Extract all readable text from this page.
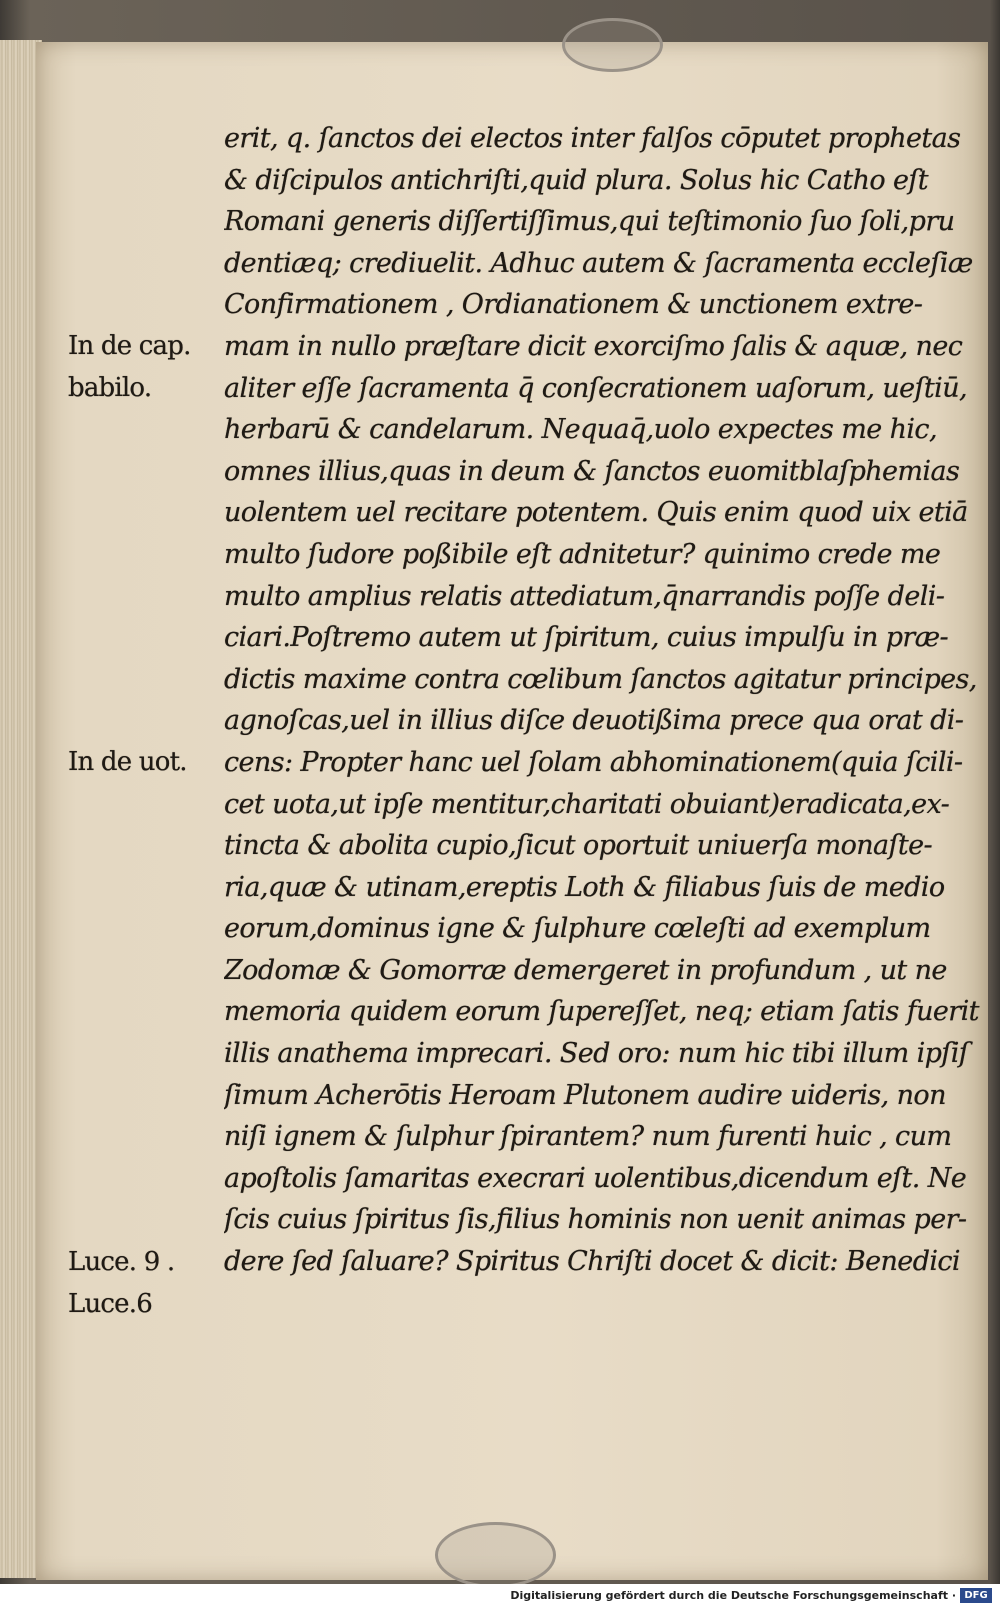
erit, q. ſanctos dei electos inter falſos cōputet prophetas
& diſcipulos antichriſti,quid plura. Solus hic Catho eſt
Romani generis diſſertiſſimus,qui teſtimonio ſuo ſoli,pru
dentiæq; crediuelit. Adhuc autem & ſacramenta eccleſiæ
Confirmationem , Ordianationem & unctionem extre-
mam in nullo præſtare dicit exorciſmo ſalis & aquæ, nec
aliter eſſe ſacramenta q̄ conſecrationem uaſorum, ueſtiū,
herbarū & candelarum. Nequaq̄,uolo expectes me hic,
omnes illius,quas in deum & ſanctos euomitblaſphemias
uolentem uel recitare potentem. Quis enim quod uix etiā
multo ſudore poßibile eſt adnitetur? quinimo crede me
multo amplius relatis attediatum,q̄narrandis poſſe deli-
ciari.Poſtremo autem ut ſpiritum, cuius impulſu in præ-
dictis maxime contra cœlibum ſanctos agitatur principes,
agnoſcas,uel in illius diſce deuotißima prece qua orat di-
cens: Propter hanc uel ſolam abhominationem(quia ſcili-
cet uota,ut ipſe mentitur,charitati obuiant)eradicata,ex-
tincta & abolita cupio,ſicut oportuit uniuerſa monaſte-
ria,quæ & utinam,ereptis Loth & filiabus ſuis de medio
eorum,dominus igne & ſulphure cœleſti ad exemplum
Zodomæ & Gomorræ demergeret in profundum , ut ne
memoria quidem eorum ſupereſſet, neq; etiam ſatis fuerit
illis anathema imprecari. Sed oro: num hic tibi illum ipſiſ
ſimum Acherōtis Heroam Plutonem audire uideris, non
niſi ignem & ſulphur ſpirantem? num furenti huic , cum
apoſtolis ſamaritas execrari uolentibus,dicendum eſt. Ne
ſcis cuius ſpiritus ſis,filius hominis non uenit animas per-
dere ſed ſaluare? Spiritus Chriſti docet & dicit: Benedici
In de cap.
babilo.
In de uot.
Luce. 9 .
Luce.6
Digitalisierung gefördert durch die Deutsche Forschungsgemeinschaft · DFG
